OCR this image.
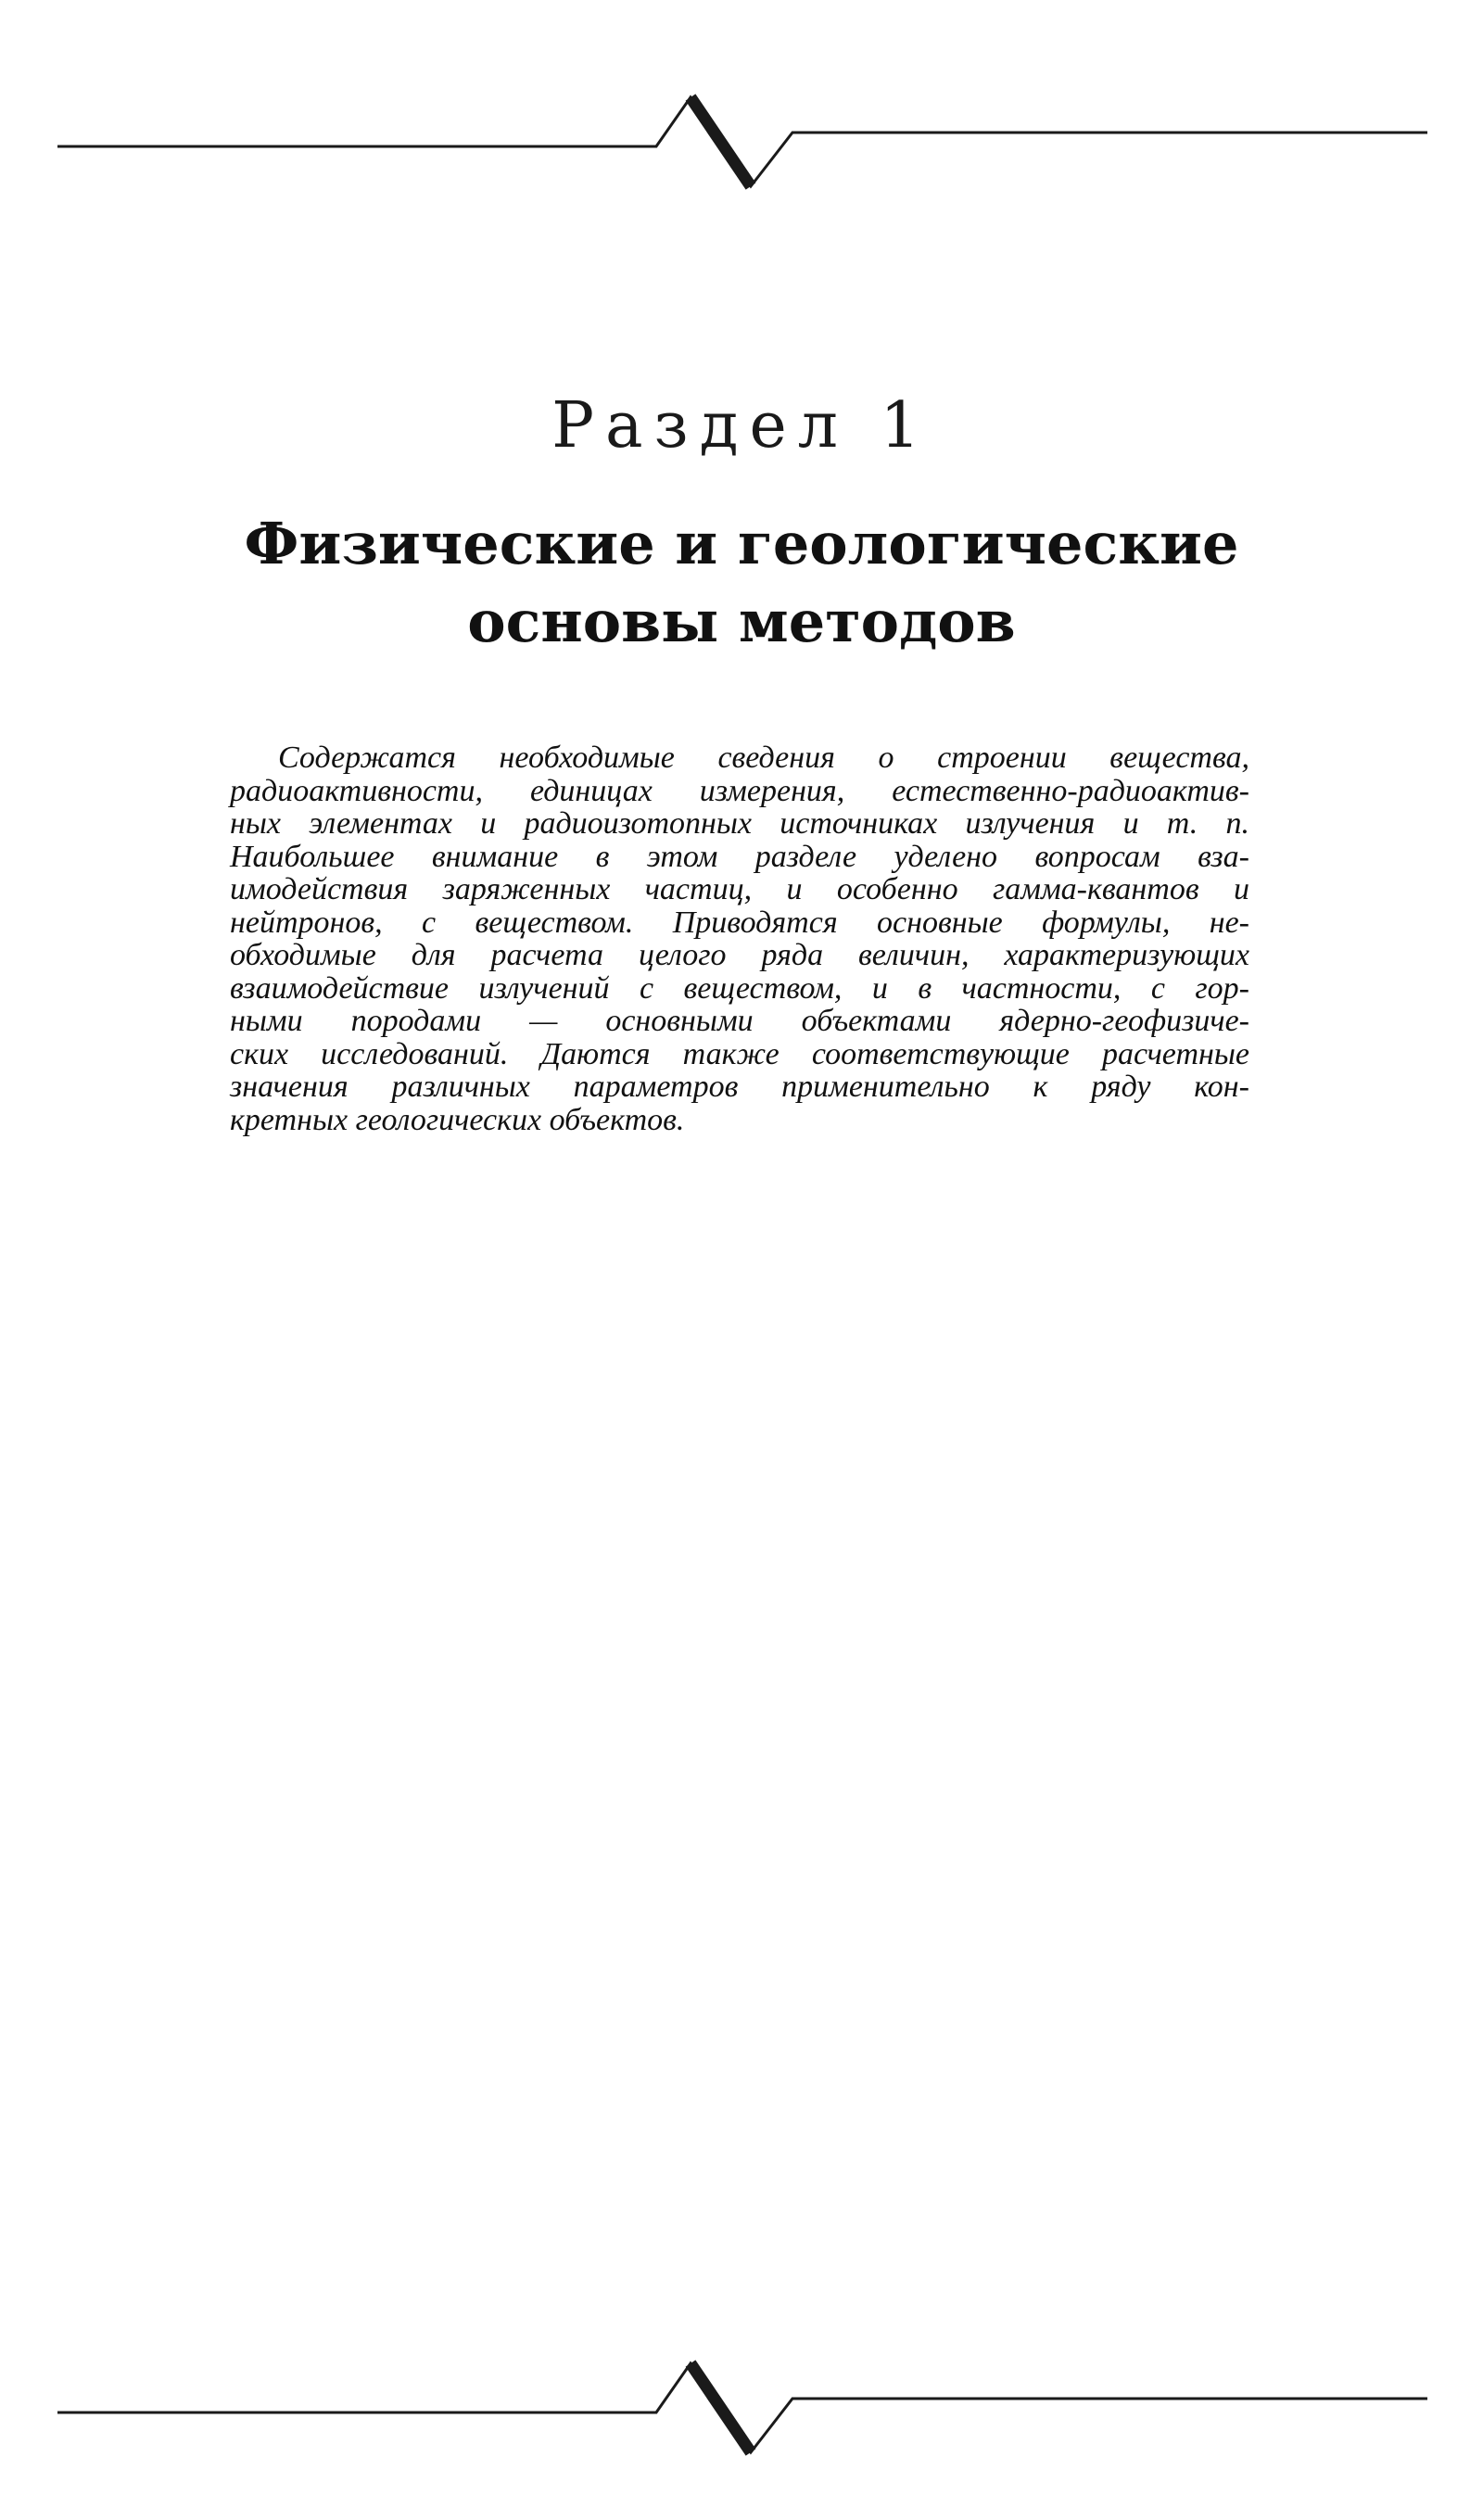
Раздел 1
Физические и геологические
основы методов
Содержатся необходимые сведения о строении вещества,
радиоактивности, единицах измерения, естественно-радиоактив-
ных элементах и радиоизотопных источниках излучения и т. п.
Наибольшее внимание в этом разделе уделено вопросам вза-
имодействия заряженных частиц, и особенно гамма-квантов и
нейтронов, с веществом. Приводятся основные формулы, не-
обходимые для расчета целого ряда величин, характеризующих
взаимодействие излучений с веществом, и в частности, с гор-
ными породами — основными объектами ядерно-геофизиче-
ских исследований. Даются также соответствующие расчетные
значения различных параметров применительно к ряду кон-
кретных геологических объектов.
